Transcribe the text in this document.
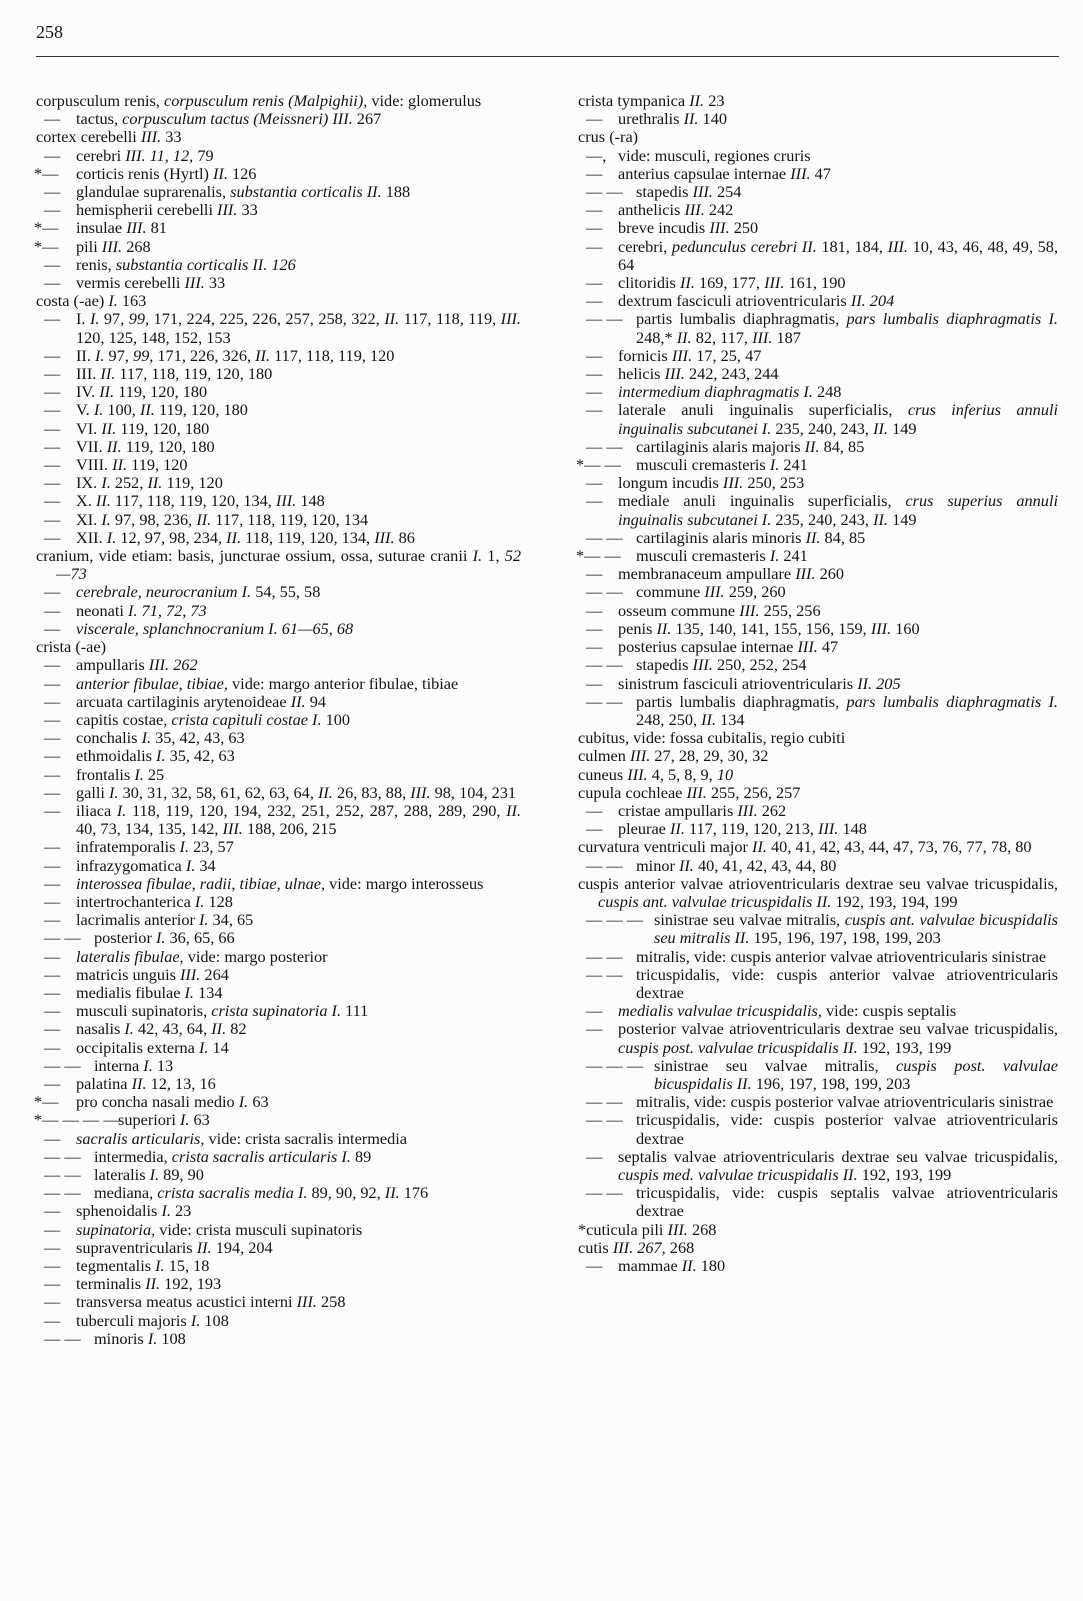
258

corpusculum renis, corpusculum renis (Malpighii), vide: glomerulus

— tactus, corpusculum tactus (Meissneri) III. 267

cortex cerebelli III. 33

— cerebri III. 11, 12, 79

*— corticis renis (Hyrtl) II. 126

— glandulae suprarenalis, substantia corticalis II. 188

— hemispherii cerebelli III. 33

*— insulae III. 81

*— pili III. 268

— renis, substantia corticalis II. 126

— vermis cerebelli III. 33

costa (-ae) I. 163

— I. I. 97, 99, 171, 224, 225, 226, 257, 258, 322, II. 117, 118, 119, III. 120, 125, 148, 152, 153

— II. I. 97, 99, 171, 226, 326, II. 117, 118, 119, 120

— III. II. 117, 118, 119, 120, 180

— IV. II. 119, 120, 180

— V. I. 100, II. 119, 120, 180

— VI. II. 119, 120, 180

— VII. II. 119, 120, 180

— VIII. II. 119, 120

— IX. I. 252, II. 119, 120

— X. II. 117, 118, 119, 120, 134, III. 148

— XI. I. 97, 98, 236, II. 117, 118, 119, 120, 134

— XII. I. 12, 97, 98, 234, II. 118, 119, 120, 134, III. 86

cranium, vide etiam: basis, juncturae ossium, ossa, suturae cranii I. 1, 52—73

— cerebrale, neurocranium I. 54, 55, 58

— neonati I. 71, 72, 73

— viscerale, splanchnocranium I. 61—65, 68

crista (-ae)

— ampullaris III. 262

— anterior fibulae, tibiae, vide: margo anterior fibulae, tibiae

— arcuata cartilaginis arytenoideae II. 94

— capitis costae, crista capituli costae I. 100

— conchalis I. 35, 42, 43, 63

— ethmoidalis I. 35, 42, 63

— frontalis I. 25

— galli I. 30, 31, 32, 58, 61, 62, 63, 64, II. 26, 83, 88, III. 98, 104, 231

— iliaca I. 118, 119, 120, 194, 232, 251, 252, 287, 288, 289, 290, II. 40, 73, 134, 135, 142, III. 188, 206, 215

— infratemporalis I. 23, 57

— infrazygomatica I. 34

— interossea fibulae, radii, tibiae, ulnae, vide: margo interosseus

— intertrochanterica I. 128

— lacrimalis anterior I. 34, 65

— — posterior I. 36, 65, 66

— lateralis fibulae, vide: margo posterior

— matricis unguis III. 264

— medialis fibulae I. 134

— musculi supinatoris, crista supinatoria I. 111

— nasalis I. 42, 43, 64, II. 82

— occipitalis externa I. 14

— — interna I. 13

— palatina II. 12, 13, 16

*— pro concha nasali medio I. 63

*— — — —
superiori I. 63

— sacralis articularis, vide: crista sacralis intermedia

— — intermedia, crista sacralis articularis I. 89

— — lateralis I. 89, 90

— — mediana, crista sacralis media I. 89, 90, 92, II. 176

— sphenoidalis I. 23

— supinatoria, vide: crista musculi supinatoris

— supraventricularis II. 194, 204

— tegmentalis I. 15, 18

— terminalis II. 192, 193

— transversa meatus acustici interni III. 258

— tuberculi majoris I. 108

— — minoris I. 108

crista tympanica II. 23

— urethralis II. 140

crus (-ra)

—, vide: musculi, regiones cruris

— anterius capsulae internae III. 47

— — stapedis III. 254

— anthelicis III. 242

— breve incudis III. 250

— cerebri, pedunculus cerebri II. 181, 184, III. 10, 43, 46, 48, 49, 58, 64

— clitoridis II. 169, 177, III. 161, 190

— dextrum fasciculi atrioventricularis II. 204

— — partis lumbalis diaphragmatis, pars lumbalis diaphragmatis I. 248,* II. 82, 117, III. 187

— fornicis III. 17, 25, 47

— helicis III. 242, 243, 244

— intermedium diaphragmatis I. 248

— laterale anuli inguinalis superficialis, crus inferius annuli inguinalis subcutanei I. 235, 240, 243, II. 149

— — cartilaginis alaris majoris II. 84, 85

*— — musculi cremasteris I. 241

— longum incudis III. 250, 253

— mediale anuli inguinalis superficialis, crus superius annuli inguinalis subcutanei I. 235, 240, 243, II. 149

— — cartilaginis alaris minoris II. 84, 85

*— — musculi cremasteris I. 241

— membranaceum ampullare III. 260

— — commune III. 259, 260

— osseum commune III. 255, 256

— penis II. 135, 140, 141, 155, 156, 159, III. 160

— posterius capsulae internae III. 47

— — stapedis III. 250, 252, 254

— sinistrum fasciculi atrioventricularis II. 205

— — partis lumbalis diaphragmatis, pars lumbalis diaphragmatis I. 248, 250, II. 134

cubitus, vide: fossa cubitalis, regio cubiti

culmen III. 27, 28, 29, 30, 32

cuneus III. 4, 5, 8, 9, 10

cupula cochleae III. 255, 256, 257

— cristae ampullaris III. 262

— pleurae II. 117, 119, 120, 213, III. 148

curvatura ventriculi major II. 40, 41, 42, 43, 44, 47, 73, 76, 77, 78, 80

— — minor II. 40, 41, 42, 43, 44, 80

cuspis anterior valvae atrioventricularis dextrae seu valvae tricuspidalis, cuspis ant. valvulae tricuspidalis II. 192, 193, 194, 199

— — — sinistrae seu valvae mitralis, cuspis ant. valvulae bicuspidalis seu mitralis II. 195, 196, 197, 198, 199, 203

— — mitralis, vide: cuspis anterior valvae atrioventricularis sinistrae

— — tricuspidalis, vide: cuspis anterior valvae atrioventricularis dextrae

— medialis valvulae tricuspidalis, vide: cuspis septalis

— posterior valvae atrioventricularis dextrae seu valvae tricuspidalis, cuspis post. valvulae tricuspidalis II. 192, 193, 199

— — — sinistrae seu valvae mitralis, cuspis post. valvulae bicuspidalis II. 196, 197, 198, 199, 203

— — mitralis, vide: cuspis posterior valvae atrioventricularis sinistrae

— — tricuspidalis, vide: cuspis posterior valvae atrioventricularis dextrae

— septalis valvae atrioventricularis dextrae seu valvae tricuspidalis, cuspis med. valvulae tricuspidalis II. 192, 193, 199

— — tricuspidalis, vide: cuspis septalis valvae atrioventricularis dextrae

*cuticula pili III. 268

cutis III. 267, 268

— mammae II. 180
